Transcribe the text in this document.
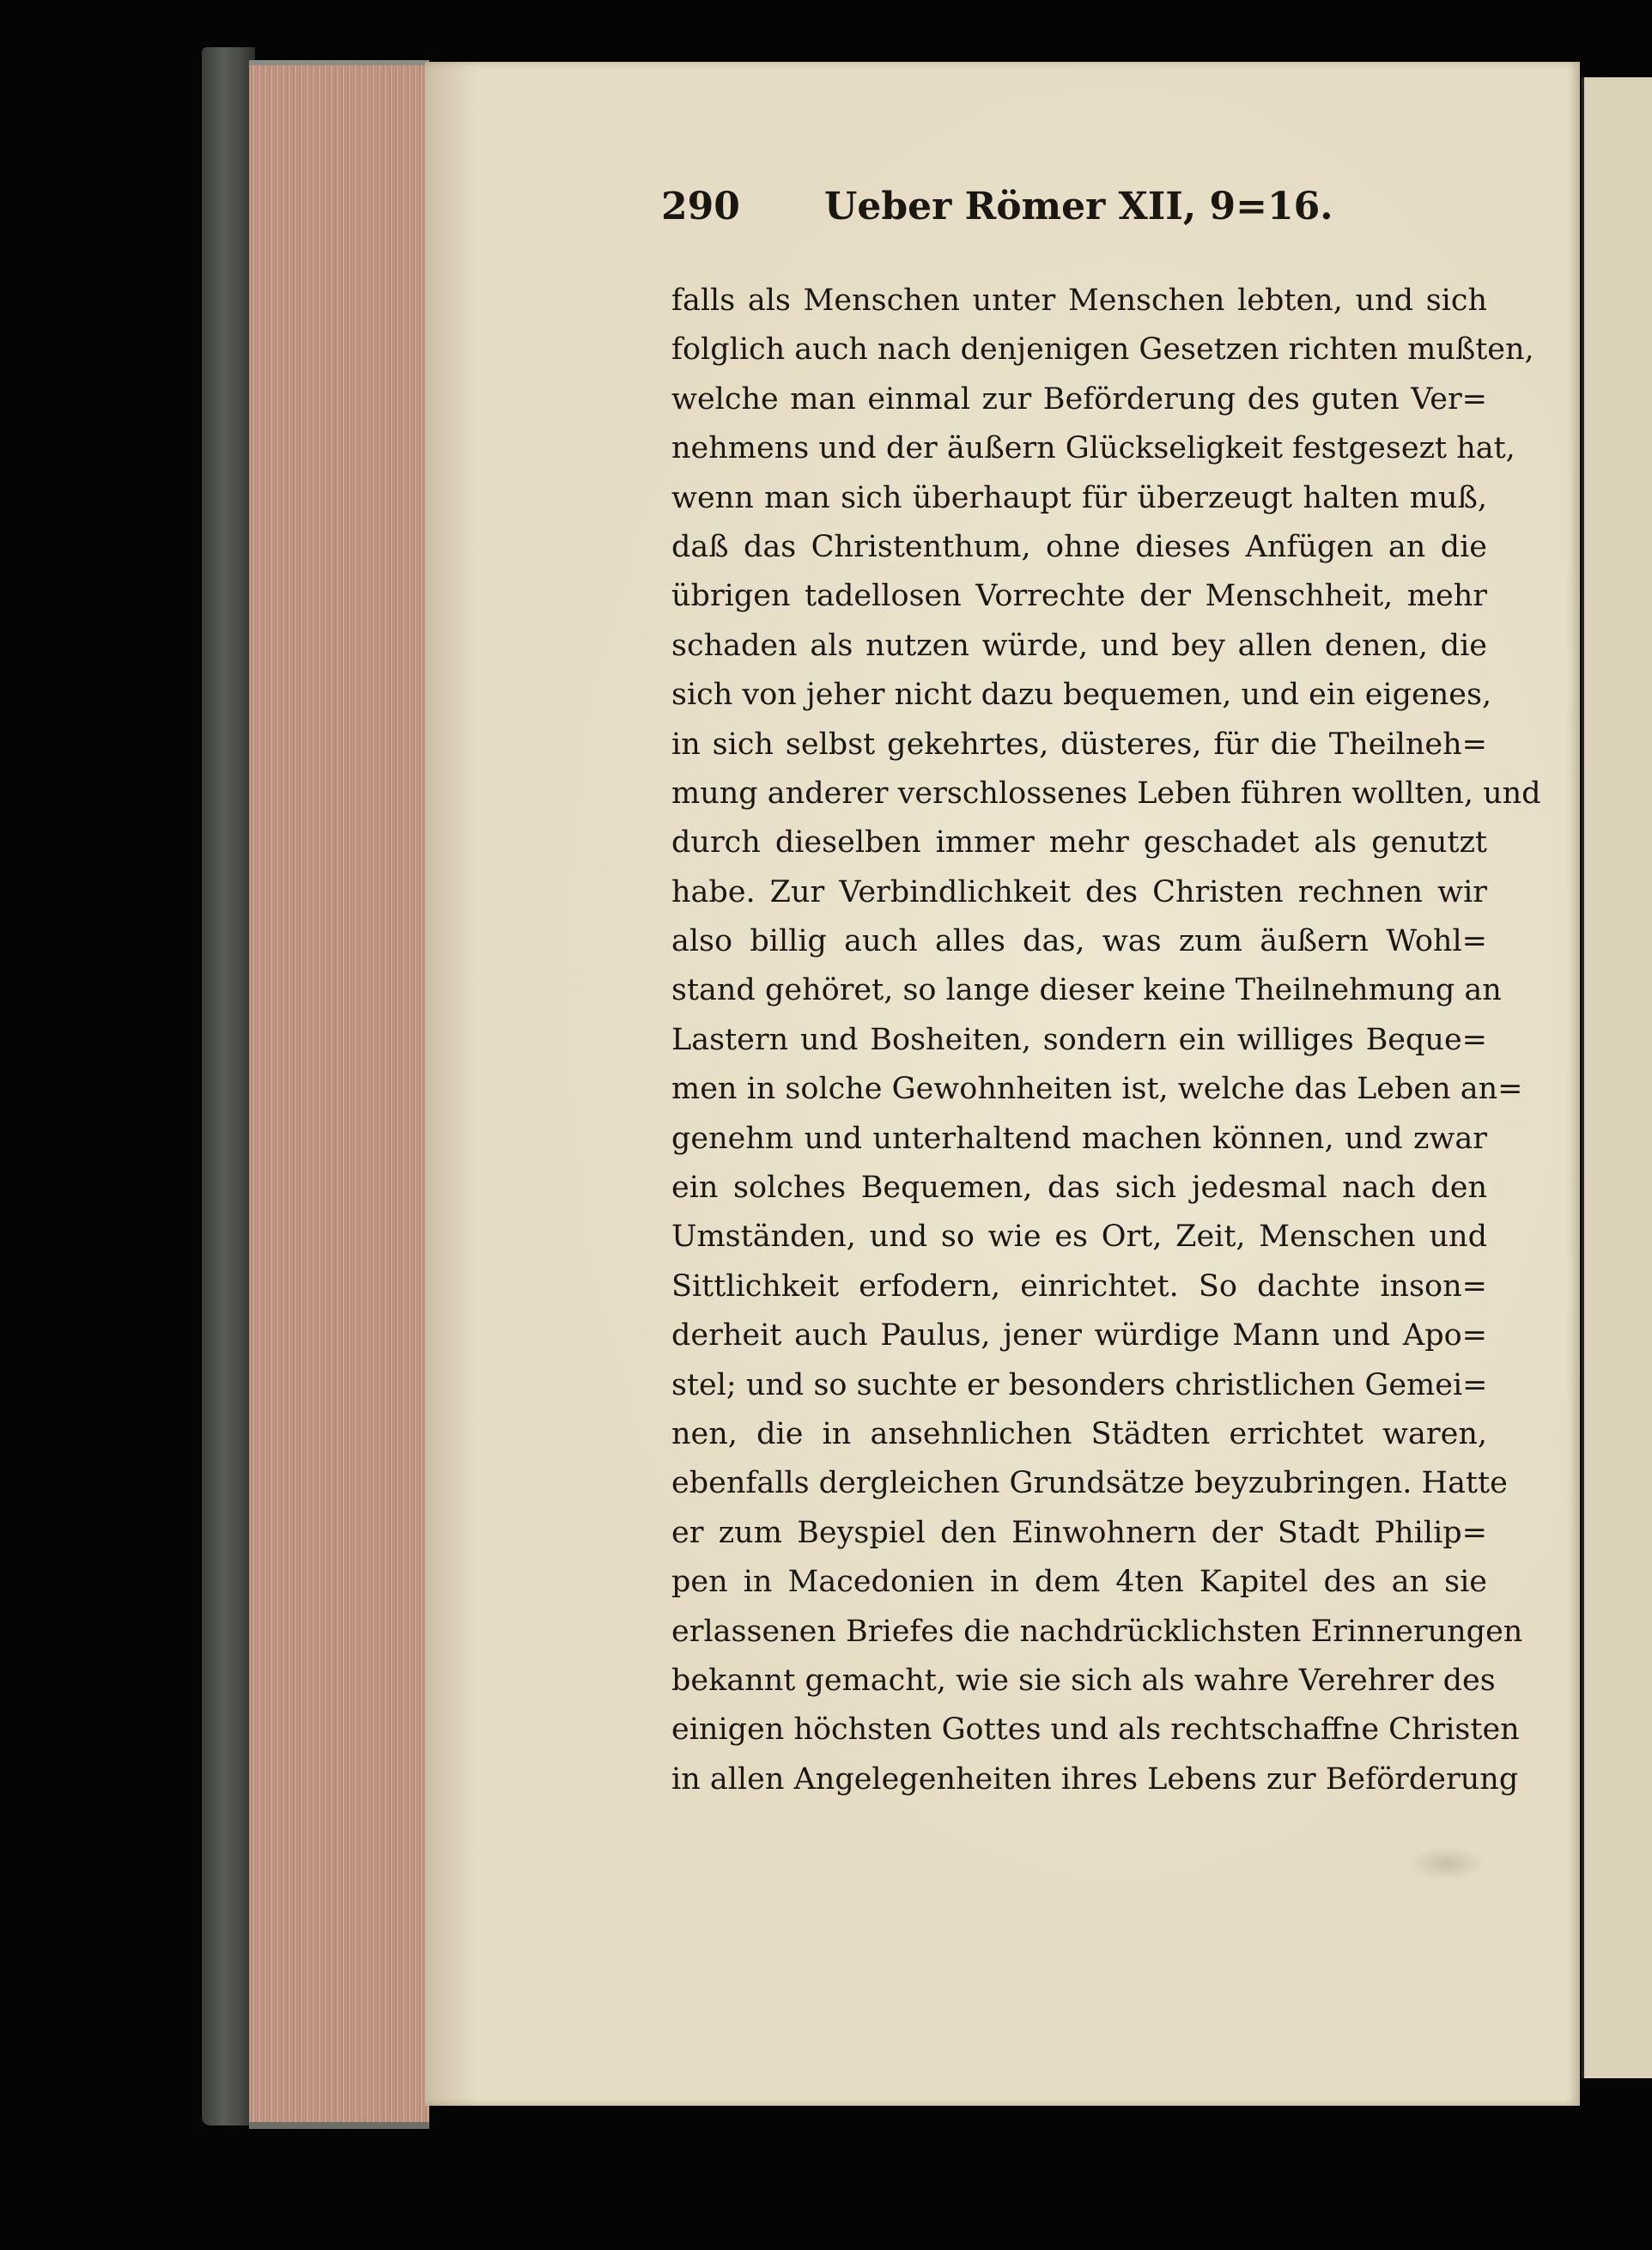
290 Ueber Römer XII, 9=16.
falls als Menschen unter Menschen lebten, und sich
folglich auch nach denjenigen Gesetzen richten mußten,
welche man einmal zur Beförderung des guten Ver=
nehmens und der äußern Glückseligkeit festgesezt hat,
wenn man sich überhaupt für überzeugt halten muß,
daß das Christenthum, ohne dieses Anfügen an die
übrigen tadellosen Vorrechte der Menschheit, mehr
schaden als nutzen würde, und bey allen denen, die
sich von jeher nicht dazu bequemen, und ein eigenes,
in sich selbst gekehrtes, düsteres, für die Theilneh=
mung anderer verschlossenes Leben führen wollten, und
durch dieselben immer mehr geschadet als genutzt
habe. Zur Verbindlichkeit des Christen rechnen wir
also billig auch alles das, was zum äußern Wohl=
stand gehöret, so lange dieser keine Theilnehmung an
Lastern und Bosheiten, sondern ein williges Beque=
men in solche Gewohnheiten ist, welche das Leben an=
genehm und unterhaltend machen können, und zwar
ein solches Bequemen, das sich jedesmal nach den
Umständen, und so wie es Ort, Zeit, Menschen und
Sittlichkeit erfodern, einrichtet. So dachte inson=
derheit auch Paulus, jener würdige Mann und Apo=
stel; und so suchte er besonders christlichen Gemei=
nen, die in ansehnlichen Städten errichtet waren,
ebenfalls dergleichen Grundsätze beyzubringen. Hatte
er zum Beyspiel den Einwohnern der Stadt Philip=
pen in Macedonien in dem 4ten Kapitel des an sie
erlassenen Briefes die nachdrücklichsten Erinnerungen
bekannt gemacht, wie sie sich als wahre Verehrer des
einigen höchsten Gottes und als rechtschaffne Christen
in allen Angelegenheiten ihres Lebens zur Beförderung
